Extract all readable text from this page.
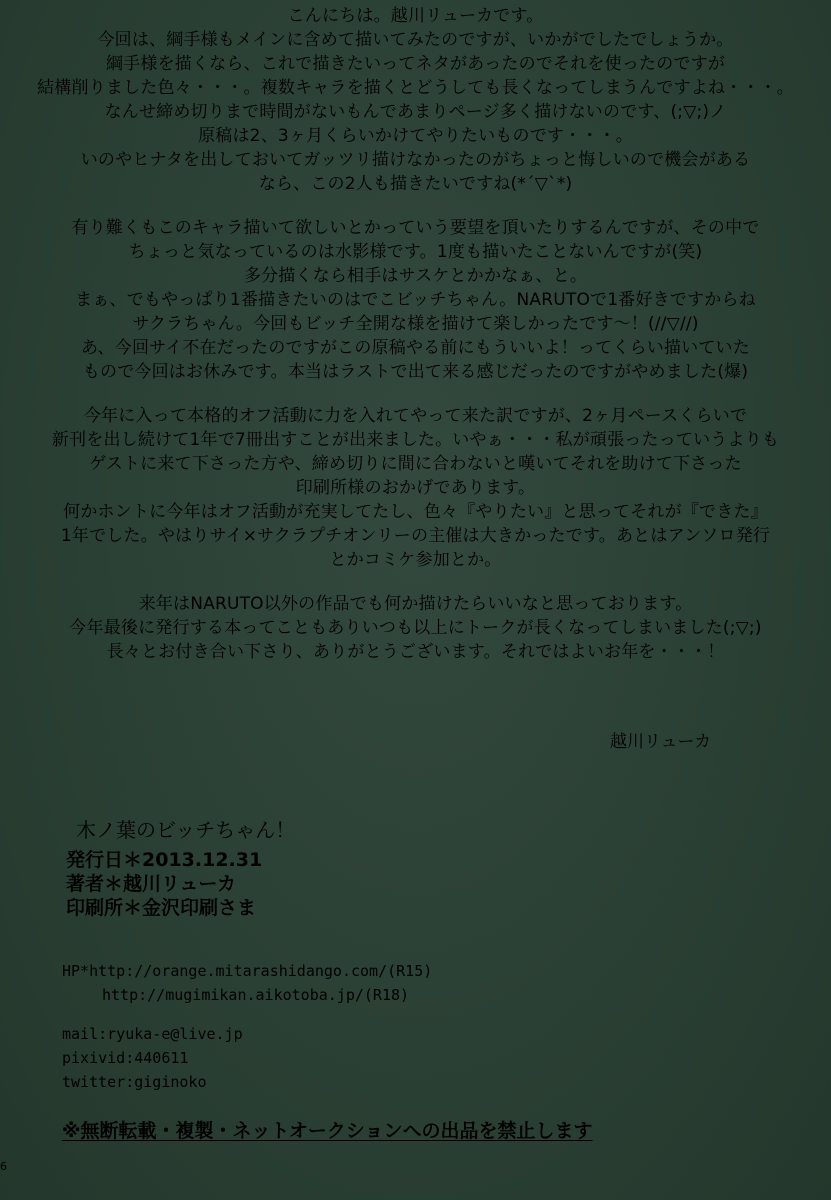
こんにちは。越川リューカです。
今回は、綱手様もメインに含めて描いてみたのですが、いかがでしたでしょうか。
綱手様を描くなら、これで描きたいってネタがあったのでそれを使ったのですが
結構削りました色々・・・。複数キャラを描くとどうしても長くなってしまうんですよね・・・。
なんせ締め切りまで時間がないもんであまりページ多く描けないのです、(;▽;)ノ
原稿は2、3ヶ月くらいかけてやりたいものです・・・。
いのやヒナタを出しておいてガッツリ描けなかったのがちょっと悔しいので機会がある
なら、この2人も描きたいですね(*´▽`*)
有り難くもこのキャラ描いて欲しいとかっていう要望を頂いたりするんですが、その中で
ちょっと気なっているのは水影様です。1度も描いたことないんですが(笑)
多分描くなら相手はサスケとかかなぁ、と。
まぁ、でもやっぱり1番描きたいのはでこビッチちゃん。NARUTOで1番好きですからね
サクラちゃん。今回もビッチ全開な様を描けて楽しかったです～！(//▽//)
あ、今回サイ不在だったのですがこの原稿やる前にもういいよ！ってくらい描いていた
もので今回はお休みです。本当はラストで出て来る感じだったのですがやめました(爆)
今年に入って本格的オフ活動に力を入れてやって来た訳ですが、2ヶ月ペースくらいで
新刊を出し続けて1年で7冊出すことが出来ました。いやぁ・・・私が頑張ったっていうよりも
ゲストに来て下さった方や、締め切りに間に合わないと嘆いてそれを助けて下さった
印刷所様のおかげであります。
何かホントに今年はオフ活動が充実してたし、色々『やりたい』と思ってそれが『できた』
1年でした。やはりサイ×サクラプチオンリーの主催は大きかったです。あとはアンソロ発行
とかコミケ参加とか。
来年はNARUTO以外の作品でも何か描けたらいいなと思っております。
今年最後に発行する本ってこともありいつも以上にトークが長くなってしまいました(;▽;)
長々とお付き合い下さり、ありがとうございます。それではよいお年を・・・！
越川リューカ
木ノ葉のビッチちゃん！
発行日＊2013.12.31
著者＊越川リューカ
印刷所＊金沢印刷さま
HP*http://orange.mitarashidango.com/(R15)
http://mugimikan.aikotoba.jp/(R18)
mail:ryuka-e@live.jp
pixivid:440611
twitter:giginoko
※無断転載・複製・ネットオークションへの出品を禁止します
6
